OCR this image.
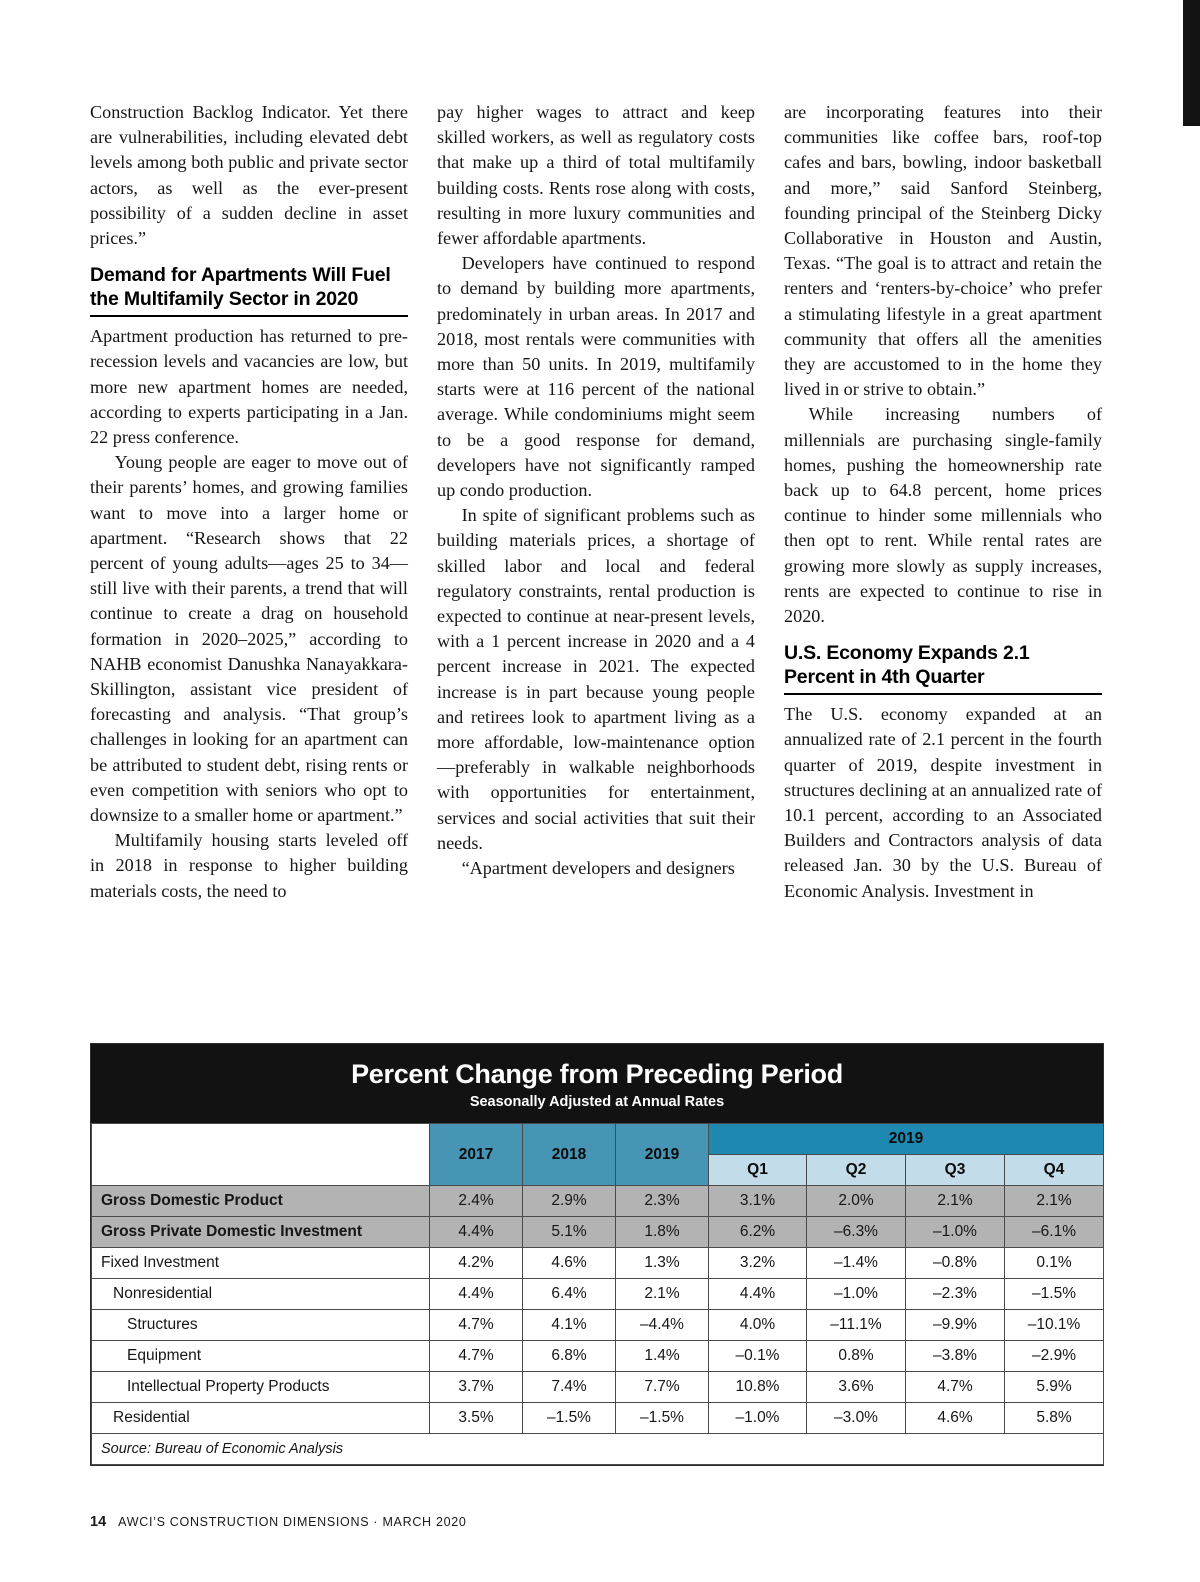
Construction Backlog Indicator. Yet there are vulnerabilities, including elevated debt levels among both public and private sector actors, as well as the ever-present possibility of a sudden decline in asset prices.”

Demand for Apartments Will Fuel the Multifamily Sector in 2020

Apartment production has returned to pre-recession levels and vacancies are low, but more new apartment homes are needed, according to experts participating in a Jan. 22 press conference.

Young people are eager to move out of their parents’ homes, and growing families want to move into a larger home or apartment. “Research shows that 22 percent of young adults—ages 25 to 34—still live with their parents, a trend that will continue to create a drag on household formation in 2020–2025,” according to NAHB economist Danushka Nanayakkara-Skillington, assistant vice president of forecasting and analysis. “That group’s challenges in looking for an apartment can be attributed to student debt, rising rents or even competition with seniors who opt to downsize to a smaller home or apartment.”

Multifamily housing starts leveled off in 2018 in response to higher building materials costs, the need to

pay higher wages to attract and keep skilled workers, as well as regulatory costs that make up a third of total multifamily building costs. Rents rose along with costs, resulting in more luxury communities and fewer affordable apartments.

Developers have continued to respond to demand by building more apartments, predominately in urban areas. In 2017 and 2018, most rentals were communities with more than 50 units. In 2019, multifamily starts were at 116 percent of the national average. While condominiums might seem to be a good response for demand, developers have not significantly ramped up condo production.

In spite of significant problems such as building materials prices, a shortage of skilled labor and local and federal regulatory constraints, rental production is expected to continue at near-present levels, with a 1 percent increase in 2020 and a 4 percent increase in 2021. The expected increase is in part because young people and retirees look to apartment living as a more affordable, low-maintenance option—preferably in walkable neighborhoods with opportunities for entertainment, services and social activities that suit their needs.

“Apartment developers and designers

are incorporating features into their communities like coffee bars, roof-top cafes and bars, bowling, indoor basketball and more,” said Sanford Steinberg, founding principal of the Steinberg Dicky Collaborative in Houston and Austin, Texas. “The goal is to attract and retain the renters and ‘renters-by-choice’ who prefer a stimulating lifestyle in a great apartment community that offers all the amenities they are accustomed to in the home they lived in or strive to obtain.”

While increasing numbers of millennials are purchasing single-family homes, pushing the homeownership rate back up to 64.8 percent, home prices continue to hinder some millennials who then opt to rent. While rental rates are growing more slowly as supply increases, rents are expected to continue to rise in 2020.

U.S. Economy Expands 2.1 Percent in 4th Quarter

The U.S. economy expanded at an annualized rate of 2.1 percent in the fourth quarter of 2019, despite investment in structures declining at an annualized rate of 10.1 percent, according to an Associated Builders and Contractors analysis of data released Jan. 30 by the U.S. Bureau of Economic Analysis. Investment in

Percent Change from Preceding Period
Seasonally Adjusted at Annual Rates
	2017	2018	2019	2019			
				Q1	Q2	Q3	Q4
Gross Domestic Product	2.4%	2.9%	2.3%	3.1%	2.0%	2.1%	2.1%
Gross Private Domestic Investment	4.4%	5.1%	1.8%	6.2%	–6.3%	–1.0%	–6.1%
Fixed Investment	4.2%	4.6%	1.3%	3.2%	–1.4%	–0.8%	0.1%
Nonresidential	4.4%	6.4%	2.1%	4.4%	–1.0%	–2.3%	–1.5%
Structures	4.7%	4.1%	–4.4%	4.0%	–11.1%	–9.9%	–10.1%
Equipment	4.7%	6.8%	1.4%	–0.1%	0.8%	–3.8%	–2.9%
Intellectual Property Products	3.7%	7.4%	7.7%	10.8%	3.6%	4.7%	5.9%
Residential	3.5%	–1.5%	–1.5%	–1.0%	–3.0%	4.6%	5.8%
Source: Bureau of Economic Analysis							
14 AWCI’S CONSTRUCTION DIMENSIONS · MARCH 2020
